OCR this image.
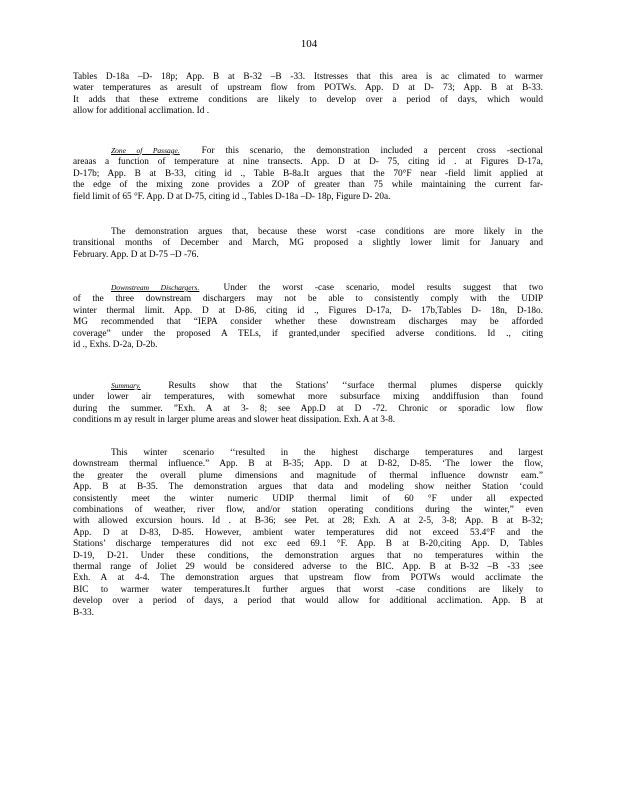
104
Tables D-18a –D- 18p; App. B at B-32 –B -33. Itstresses that this area is ac climated to warmer
water temperatures as aresult of upstream flow from POTWs. App. D at D- 73; App. B at B-33.
It adds that these extreme conditions are likely to develop over a period of days, which would
allow for additional acclimation. Id .
Zone of Passage. For this scenario, the demonstration included a percent cross -sectional
areaas a function of temperature at nine transects. App. D at D- 75, citing id . at Figures D-17a,
D-17b; App. B at B-33, citing id ., Table B-8a.It argues that the 70°F near -field limit applied at
the edge of the mixing zone provides a ZOP of greater than 75 while maintaining the current far-
field limit of 65 °F. App. D at D-75, citing id ., Tables D-18a –D- 18p, Figure D- 20a.
The demonstration argues that, because these worst -case conditions are more likely in the
transitional months of December and March, MG proposed a slightly lower limit for January and
February. App. D at D-75 –D -76.
Downstream Dischargers.	Under the worst -case scenario, model results suggest that two
of the three downstream dischargers may not be able to consistently comply with the UDIP
winter thermal limit. App. D at D-86, citing id ., Figures D-17a, D- 17b,Tables D- 18n, D-18o.
MG recommended that “IEPA consider whether these downstream discharges may be afforded
coverage” under the proposed A TELs, if granted,under specified adverse conditions. Id ., citing
id ., Exhs. D-2a, D-2b.
Summary.	Results show that the Stations’ ‘‘surface thermal plumes disperse quickly
under lower air temperatures, with somewhat more subsurface mixing anddiffusion than found
during the summer. ”Exh. A at 3- 8; see App.D at D -72. Chronic or sporadic low flow
conditions m ay result in larger plume areas and slower heat dissipation. Exh. A at 3-8.
This winter scenario ‘‘resulted in the highest discharge temperatures and largest
downstream thermal influence.” App. B at B-35; App. D at D-82, D-85. ‘The lower the flow,
the greater the overall plume dimensions and magnitude of thermal influence downstr eam.”
App. B at B-35. The demonstration argues that data and modeling show neither Station ‘could
consistently meet the winter numeric UDIP thermal limit of 60 °F under all expected
combinations of weather, river flow, and/or station operating conditions during the winter,” even
with allowed excursion hours. Id . at B-36; see Pet. at 28; Exh. A at 2-5, 3-8; App. B at B-32;
App. D at D-83, D-85. However, ambient water temperatures did not exceed 53.4°F and the
Stations’ discharge temperatures did not exc eed 69.1 °F. App. B at B-20,citing App. D, Tables
D-19, D-21. Under these conditions, the demonstration argues that no temperatures within the
thermal range of Joliet 29 would be considered adverse to the BIC. App. B at B-32 –B -33 ;see
Exh. A at 4-4. The demonstration argues that upstream flow from POTWs would acclimate the
BIC to warmer water temperatures.It further argues that worst -case conditions are likely to
develop over a period of days, a period that would allow for additional acclimation. App. B at
B-33.
